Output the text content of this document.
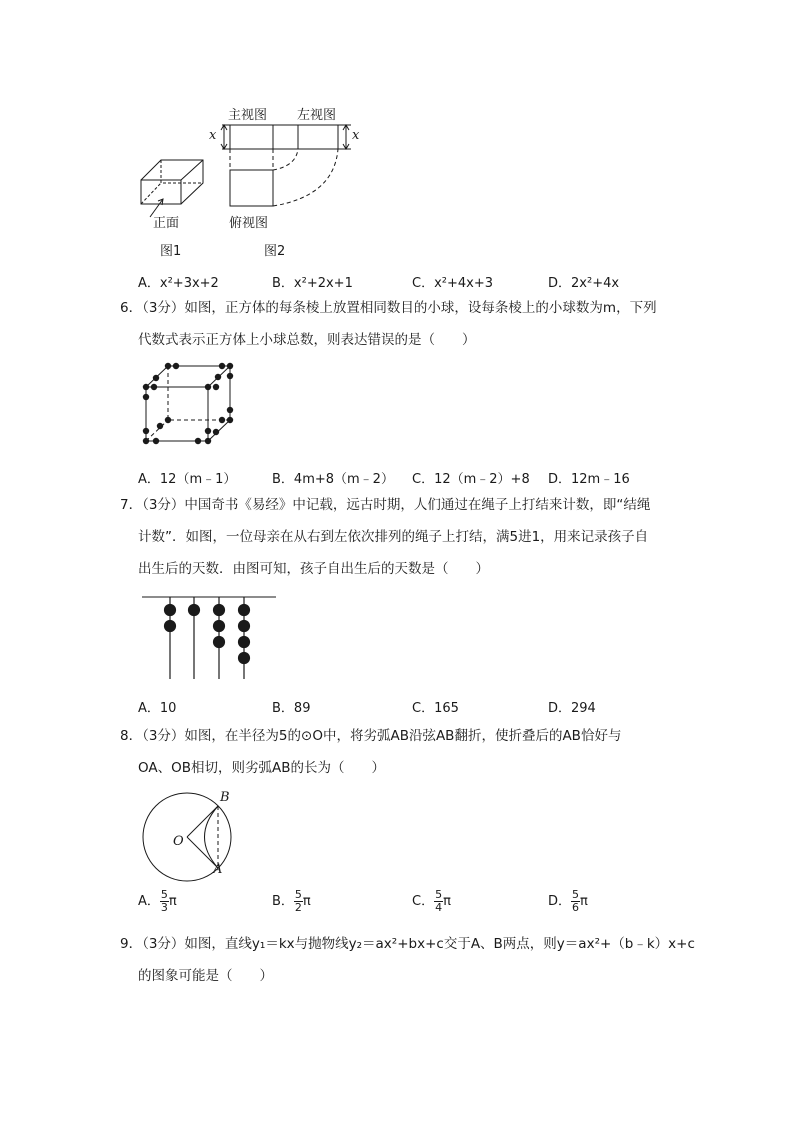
主视图 左视图
俯视图
x	x
正面
图1	图2
A．x²+3x+2	B．x²+2x+1	C．x²+4x+3	D．2x²+4x
6．（3分）如图，正方体的每条棱上放置相同数目的小球，设每条棱上的小球数为m，下列
代数式表示正方体上小球总数，则表达错误的是（　　）
A．12（m﹣1）	B．4m+8（m﹣2） C．12（m﹣2）+8 D．12m﹣16
7．（3分）中国奇书《易经》中记载，远古时期，人们通过在绳子上打结来计数，即“结绳
计数”．如图，一位母亲在从右到左依次排列的绳子上打结，满5进1，用来记录孩子自
出生后的天数．由图可知，孩子自出生后的天数是（　　）
A．10	B．89	C．165	D．294
8．（3分）如图，在半径为5的⊙O中，将劣弧AB沿弦AB翻折，使折叠后的AB恰好与
OA、OB相切，则劣弧AB的长为（　　）
B
A
O
A． $\frac{5}{3}$ π	B． $\frac{5}{2}$ π	C． $\frac{5}{4}$ π	D． $\frac{5}{6}$ π
9．（3分）如图，直线y₁＝kx与抛物线y₂＝ax²+bx+c交于A、B两点，则y＝ax²+（b﹣k）x+c
的图象可能是（　　）
